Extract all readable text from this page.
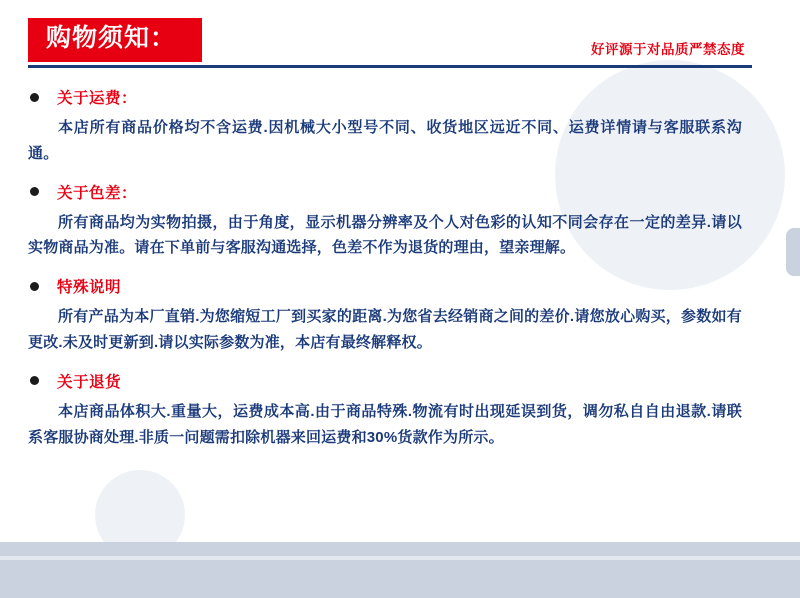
购物须知：	好评源于对品质严禁态度
关于运费：
本店所有商品价格均不含运费.因机械大小型号不同、收货地区远近不同、运费详情请与客服联系沟通。
关于色差：
所有商品均为实物拍摄，由于角度，显示机器分辨率及个人对色彩的认知不同会存在一定的差异.请以实物商品为准。请在下单前与客服沟通选择，色差不作为退货的理由，望亲理解。
特殊说明
所有产品为本厂直销.为您缩短工厂到买家的距离.为您省去经销商之间的差价.请您放心购买，参数如有更改.未及时更新到.请以实际参数为准，本店有最终解释权。
关于退货
本店商品体积大.重量大，运费成本高.由于商品特殊.物流有时出现延误到货，调勿私自自由退款.请联系客服协商处理.非质一问题需扣除机器来回运费和30%货款作为所示。
